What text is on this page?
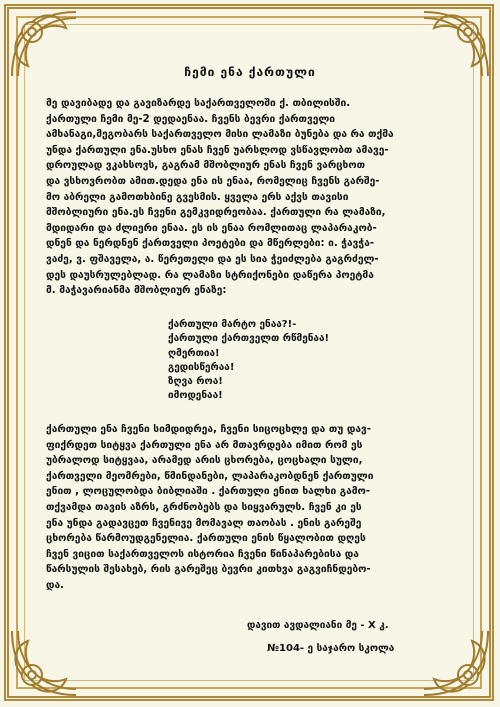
ჩემი ენა ქართული
მე დავიბადე და გავიზარდე საქართველოში ქ. თბილისში.
ქართული ჩემი მე-2 დედაენაა. ჩვენს ბევრი ქართველი
ამხანაგი,მეგობარს საქართველო მისი ლამაზი ბუნება და რა თქმა
უნდა ქართული ენა.უსხო ენას ჩვენ უარსლოდ ვსწავლობთ ამავე-
დროულად ვკახსოვს, გაგრამ მშობლიურ ენას ჩვენ ვარცხოთ
და ვსხოვრობთ ამით.დედა ენა ის ენაა, რომელიც ჩვენს გარშე-
მო აბრელი გამოთხბინე გვესმის. ყველა ერს აქვს თავისი
მშობლიური ენა.ეს ჩვენი გემკვიდრეობაა. ქართული რა ლამაზი,
მდიდარი და ძლიერი ენაა. ეს ის ენაა რომლითაც ლაპარაკობ-
დნენ და ნერდნენ ქართველი პოეტები და მწერლები: ი. ჭავჭა-
ვაძე, ვ. ფშაველა, ა. წერეთელი და ეს სია ჭეიძლება გაგრძელ-
დეს დაუსრულებლად. რა ლამაზი სტრიქონები დაწერა პოეტმა
მ. მაჭავარიანმა მშობლიურ ენაზე:
ქართული მარტო ენაა?!-
ქართული ქართველთ რწმენაა!
ღმერთია!
გედისწერაა!
ზღვა როა!
იმოდენაა!
ქართული ენა ჩვენი სიმდიდრეა, ჩვენი სიცოცხლე და თუ დავ-
ფიქრდეთ სიტყვა ქართული ენა არ მთავრდება იმით რომ ეს
უბრალოდ სიტყვაა, არამედ არის ცხორება, ცოცხალი სული,
ქართველი მეომრები, წმინდანები, ლაპარაკობდნენ ქართული
ენით , ლოცულობდა ბიბლიაში . ქართული ენით ხალხი გამო-
თქვამდა თავის აზრს, გრძნობებს და სიყვარულს. ჩვენ კი ეს
ენა უნდა გადავცეთ ჩვენივე მომავალ თაობას . ენის გარეშე
ცხორება წარმოუდგენელია. ქართული ენის წყალობით დღეს
ჩვენ ვიცით საქართველოს ისტორია ჩვენი წინაპარებისა და
წარსულის შესახებ, რის გარეშეც ბევრი კითხვა გაგვიჩნდებო-
და.
დავით ავდალიანი მე - X კ.
№104- ე საჯარო სკოლა
